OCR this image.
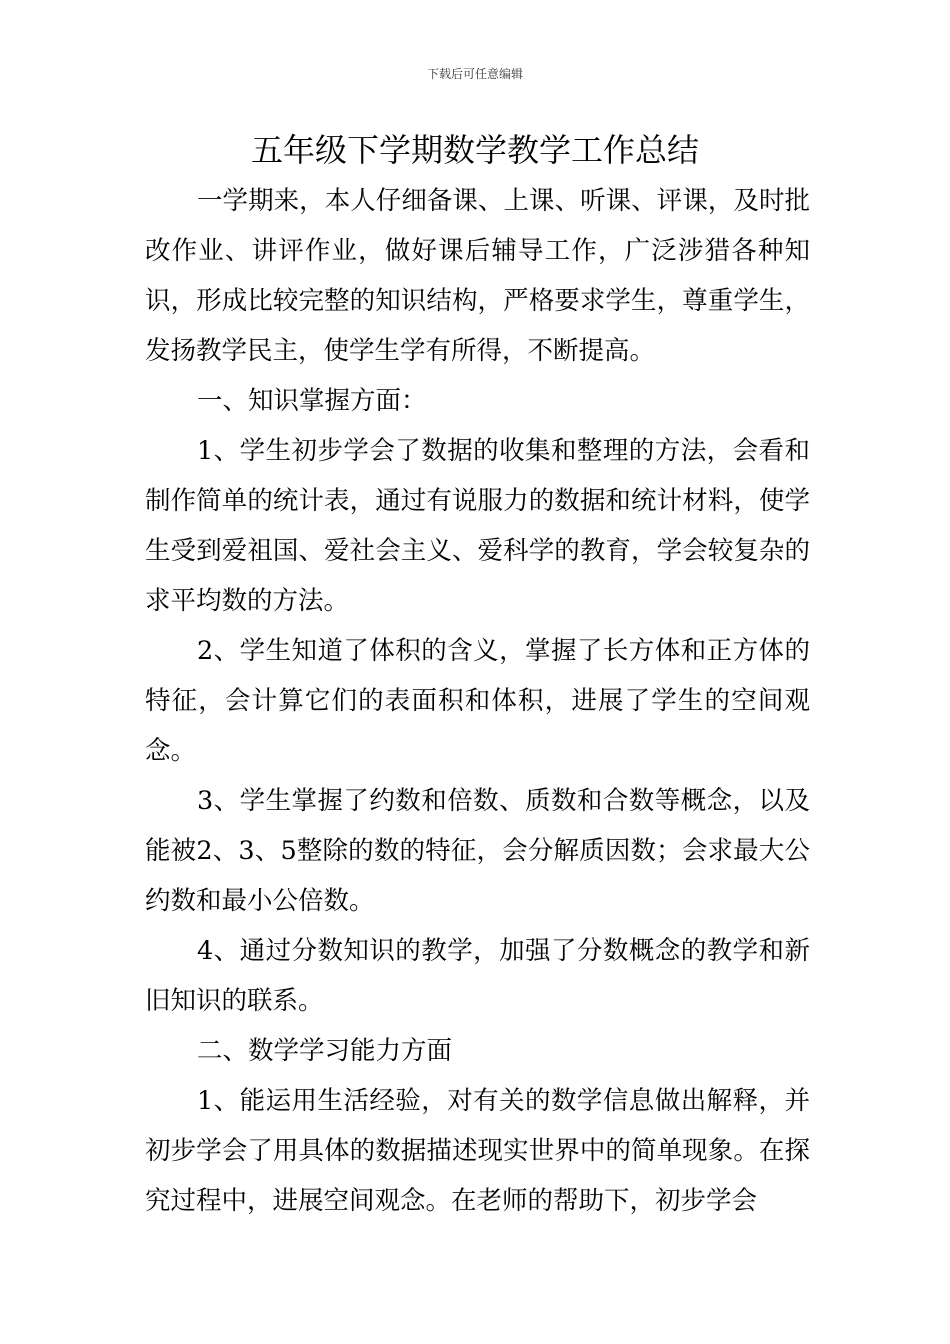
下载后可任意编辑
五年级下学期数学教学工作总结

一学期来，本人仔细备课、上课、听课、评课，及时批改作业、讲评作业，做好课后辅导工作，广泛涉猎各种知识，形成比较完整的知识结构，严格要求学生，尊重学生，发扬教学民主，使学生学有所得，不断提高。

一、知识掌握方面：

1、学生初步学会了数据的收集和整理的方法，会看和制作简单的统计表，通过有说服力的数据和统计材料，使学生受到爱祖国、爱社会主义、爱科学的教育，学会较复杂的求平均数的方法。

2、学生知道了体积的含义，掌握了长方体和正方体的特征，会计算它们的表面积和体积，进展了学生的空间观念。

3、学生掌握了约数和倍数、质数和合数等概念，以及能被2、3、5整除的数的特征，会分解质因数；会求最大公约数和最小公倍数。

4、通过分数知识的教学，加强了分数概念的教学和新旧知识的联系。

二、数学学习能力方面

1、能运用生活经验，对有关的数学信息做出解释，并初步学会了用具体的数据描述现实世界中的简单现象。在探究过程中，进展空间观念。在老师的帮助下，初步学会
